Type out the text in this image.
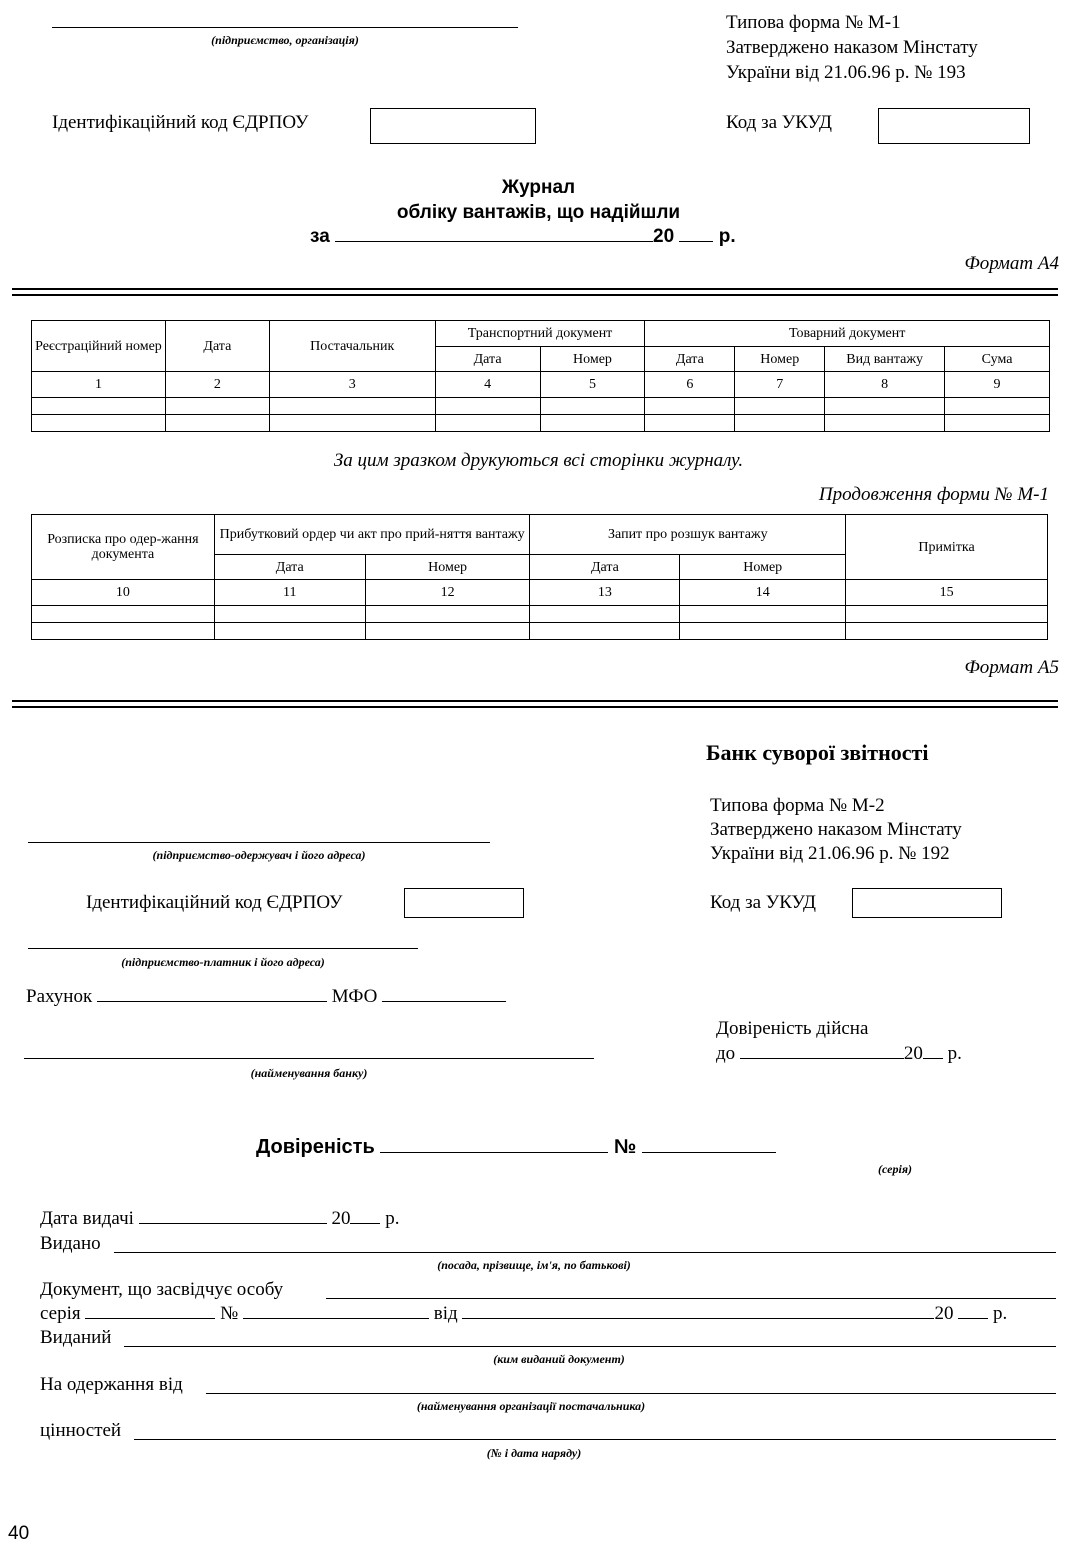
(підприємство, організація)
Типова форма № М-1
Затверджено наказом Мінстату
України від 21.06.96 р. № 193
Ідентифікаційний код ЄДРПОУ	Код за УКУД
Журнал
обліку вантажів, що надійшли
за	20 р.
Формат А4
Реєстраційний номер	Дата	Постачальник	Транспортний документ		Товарний документ			
			Дата	Номер	Дата	Номер	Вид вантажу	Сума
1	2	3	4	5	6	7	8	9

За цим зразком друкуються всі сторінки журналу.
Продовження форми № М-1
Розписка про одер-жання документа	Прибутковий ордер чи акт про прий-няття вантажу		Запит про розшук вантажу		Примітка
	Дата	Номер	Дата	Номер	
10	11	12	13	14	15

Формат А5
Банк суворої звітності
Типова форма № М-2
Затверджено наказом Мінстату
України від 21.06.96 р. № 192
(підприємство-одержувач і його адреса)
Ідентифікаційний код ЄДРПОУ	Код за УКУД
(підприємство-платник і його адреса)
Рахунок	МФО
Довіреність дійсна
до	20 р.
(найменування банку)
Довіреність	№
(серія)
Дата видачі	20 р.
Видано
(посада, прізвище, ім'я, по батькові)
Документ, що засвідчує особу
серія	№	від	20 р.
Виданий
(ким виданий документ)
На одержання від
(найменування організації постачальника)
цінностей
(№ і дата наряду)
40
